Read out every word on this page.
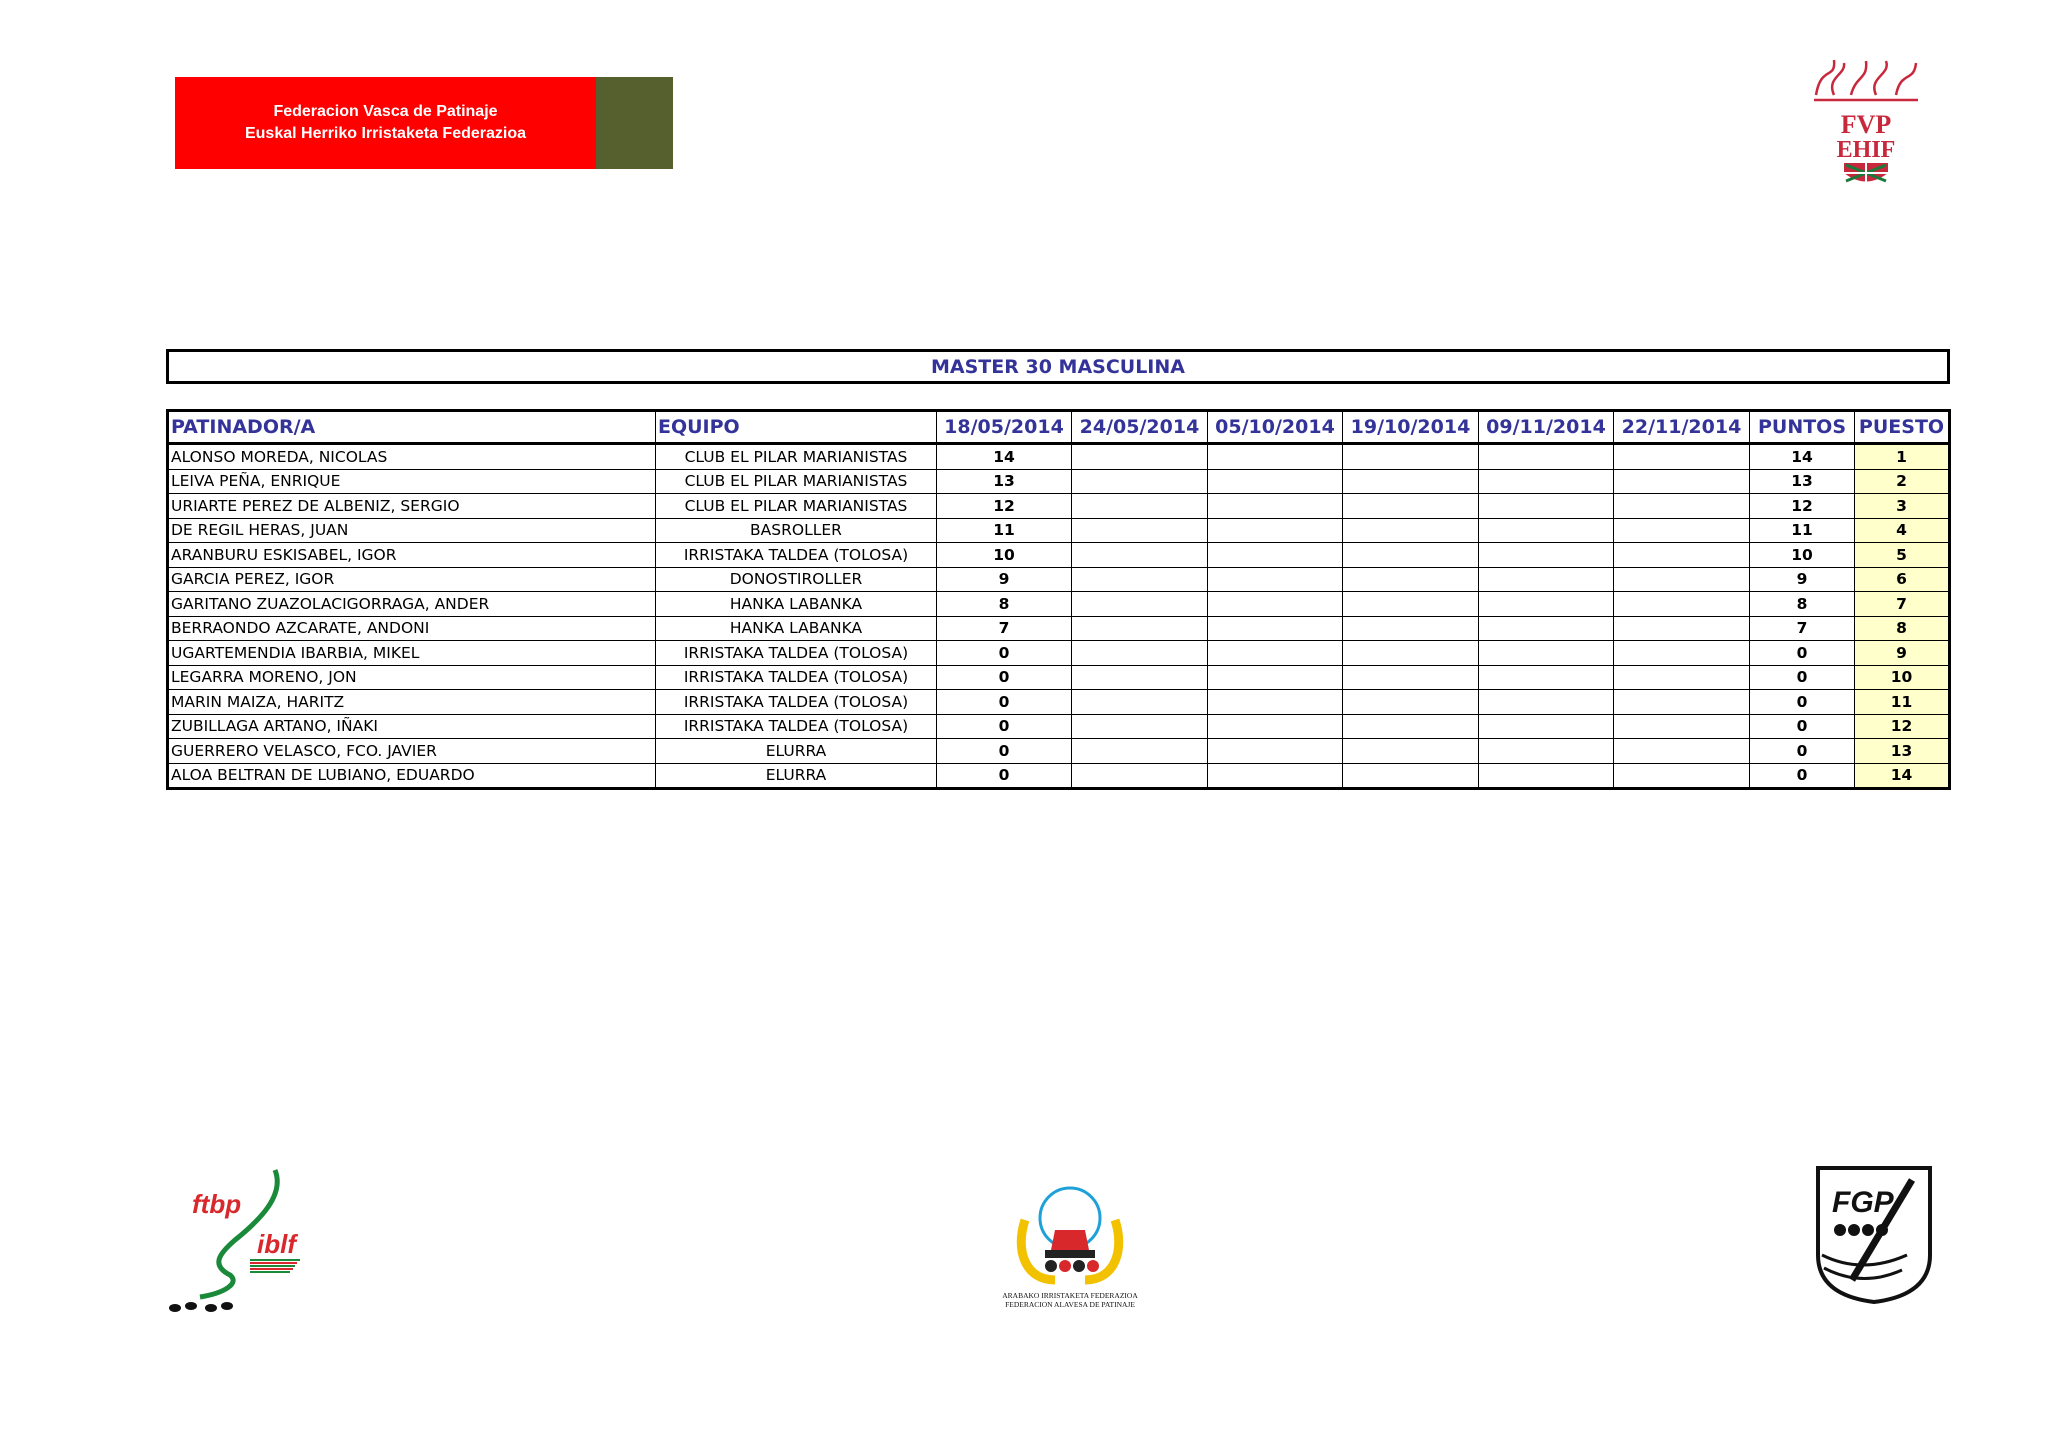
Federacion Vasca de Patinaje
Euskal Herriko Irristaketa Federazioa	FVP
EHIF
MASTER 30 MASCULINA
PATINADOR/A	EQUIPO	18/05/2014	24/05/2014	05/10/2014	19/10/2014	09/11/2014	22/11/2014	PUNTOS	PUESTO
ALONSO MOREDA, NICOLAS	CLUB EL PILAR MARIANISTAS	14						14	1
LEIVA PEÑA, ENRIQUE	CLUB EL PILAR MARIANISTAS	13						13	2
URIARTE PEREZ DE ALBENIZ, SERGIO	CLUB EL PILAR MARIANISTAS	12						12	3
DE REGIL HERAS, JUAN	BASROLLER	11						11	4
ARANBURU ESKISABEL, IGOR	IRRISTAKA TALDEA (TOLOSA)	10						10	5
GARCIA PEREZ, IGOR	DONOSTIROLLER	9						9	6
GARITANO ZUAZOLACIGORRAGA, ANDER	HANKA LABANKA	8						8	7
BERRAONDO AZCARATE, ANDONI	HANKA LABANKA	7						7	8
UGARTEMENDIA IBARBIA, MIKEL	IRRISTAKA TALDEA (TOLOSA)	0						0	9
LEGARRA MORENO, JON	IRRISTAKA TALDEA (TOLOSA)	0						0	10
MARIN MAIZA, HARITZ	IRRISTAKA TALDEA (TOLOSA)	0						0	11
ZUBILLAGA ARTANO, IÑAKI	IRRISTAKA TALDEA (TOLOSA)	0						0	12
GUERRERO VELASCO, FCO. JAVIER	ELURRA	0						0	13
ALOA BELTRAN DE LUBIANO, EDUARDO	ELURRA	0						0	14
ftbp
iblf
ARABAKO IRRISTAKETA FEDERAZIOA
FEDERACION ALAVESA DE PATINAJE
FGP
